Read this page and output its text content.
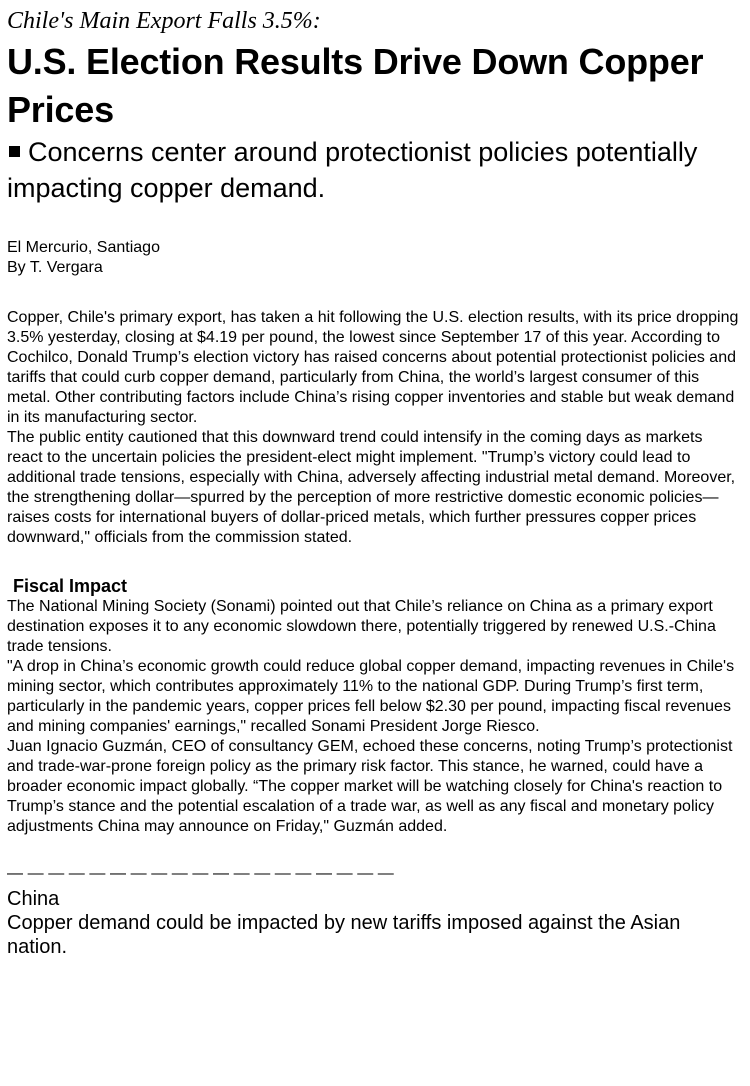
Chile's Main Export Falls 3.5%:

U.S. Election Results Drive Down Copper Prices

Concerns center around protectionist policies potentially impacting copper demand.

El Mercurio, Santiago
By T. Vergara

Copper, Chile's primary export, has taken a hit following the U.S. election results, with its price dropping 3.5% yesterday, closing at $4.19 per pound, the lowest since September 17 of this year. According to Cochilco, Donald Trump’s election victory has raised concerns about potential protectionist policies and tariffs that could curb copper demand, particularly from China, the world’s largest consumer of this metal. Other contributing factors include China’s rising copper inventories and stable but weak demand in its manufacturing sector.

The public entity cautioned that this downward trend could intensify in the coming days as markets react to the uncertain policies the president-elect might implement. "Trump’s victory could lead to additional trade tensions, especially with China, adversely affecting industrial metal demand. Moreover, the strengthening dollar—spurred by the perception of more restrictive domestic economic policies—raises costs for international buyers of dollar-priced metals, which further pressures copper prices downward," officials from the commission stated.

Fiscal Impact

The National Mining Society (Sonami) pointed out that Chile’s reliance on China as a primary export destination exposes it to any economic slowdown there, potentially triggered by renewed U.S.-China trade tensions.

"A drop in China’s economic growth could reduce global copper demand, impacting revenues in Chile's mining sector, which contributes approximately 11% to the national GDP. During Trump’s first term, particularly in the pandemic years, copper prices fell below $2.30 per pound, impacting fiscal revenues and mining companies' earnings," recalled Sonami President Jorge Riesco.

Juan Ignacio Guzmán, CEO of consultancy GEM, echoed these concerns, noting Trump’s protectionist and trade-war-prone foreign policy as the primary risk factor. This stance, he warned, could have a broader economic impact globally. “The copper market will be watching closely for China's reaction to Trump’s stance and the potential escalation of a trade war, as well as any fiscal and monetary policy adjustments China may announce on Friday," Guzmán added.

———————————————————
China

Copper demand could be impacted by new tariffs imposed against the Asian nation.
